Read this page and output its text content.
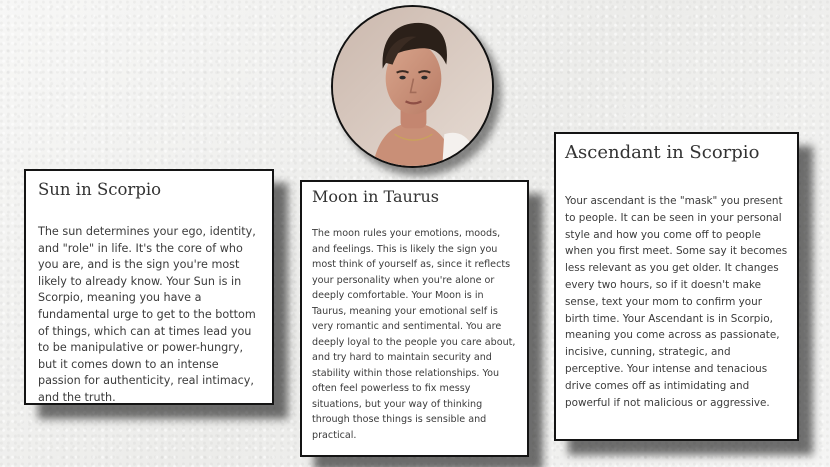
Sun in Scorpio

The sun determines your ego, identity, and "role" in life. It's the core of who you are, and is the sign you're most likely to already know. Your Sun is in Scorpio, meaning you have a fundamental urge to get to the bottom of things, which can at times lead you to be manipulative or power-hungry, but it comes down to an intense passion for authenticity, real intimacy, and the truth.

Moon in Taurus

The moon rules your emotions, moods, and feelings. This is likely the sign you most think of yourself as, since it reflects your personality when you're alone or deeply comfortable. Your Moon is in Taurus, meaning your emotional self is very romantic and sentimental. You are deeply loyal to the people you care about, and try hard to maintain security and stability within those relationships. You often feel powerless to fix messy situations, but your way of thinking through those things is sensible and practical.

Ascendant in Scorpio

Your ascendant is the "mask" you present to people. It can be seen in your personal style and how you come off to people when you first meet. Some say it becomes less relevant as you get older. It changes every two hours, so if it doesn't make sense, text your mom to confirm your birth time. Your Ascendant is in Scorpio, meaning you come across as passionate, incisive, cunning, strategic, and perceptive. Your intense and tenacious drive comes off as intimidating and powerful if not malicious or aggressive.
